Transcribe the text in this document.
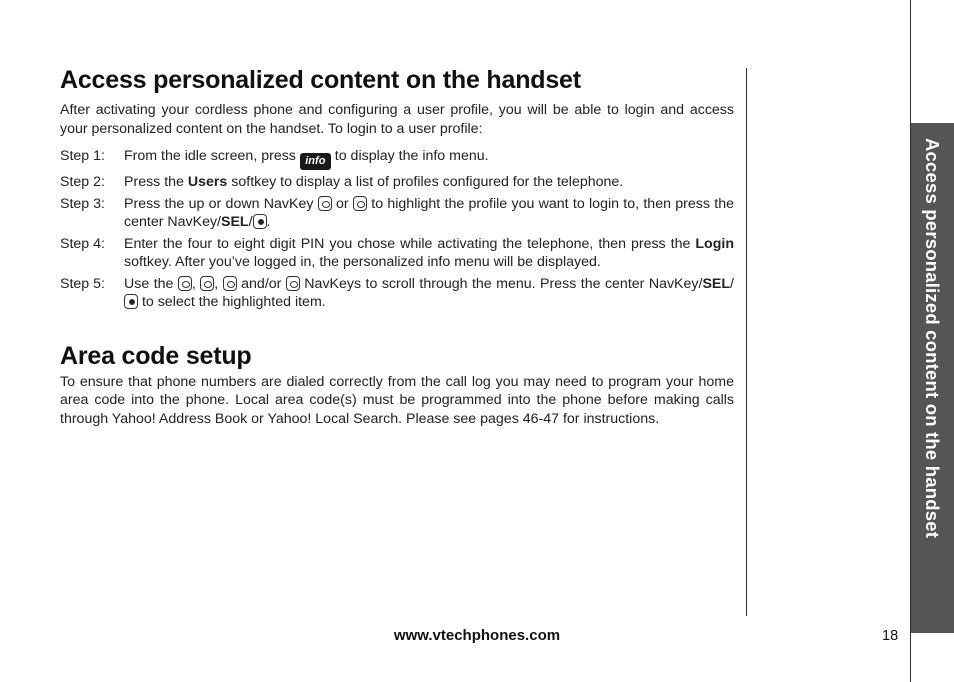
Access personalized content on the handset

After activating your cordless phone and configuring a user profile, you will be able to login and access your personalized content on the handset. To login to a user profile:

Step 1:	From the idle screen, press info to display the info menu.
Step 2:	Press the Users softkey to display a list of profiles configured for the telephone.
Step 3:	Press the up or down NavKey  or  to highlight the profile you want to login to, then press the center NavKey/SEL/ .
Step 4:	Enter the four to eight digit PIN you chose while activating the telephone, then press the Login softkey. After you’ve logged in, the personalized info menu will be displayed.
Step 5:	Use the , ,  and/or  NavKeys to scroll through the menu. Press the center NavKey/SEL/ to select the highlighted item.
Area code setup

To ensure that phone numbers are dialed correctly from the call log you may need to program your home area code into the phone. Local area code(s) must be programmed into the phone before making calls through Yahoo! Address Book or Yahoo! Local Search. Please see pages 46-47 for instructions.	Access personalized content on the handset
www.vtechphones.com	18
